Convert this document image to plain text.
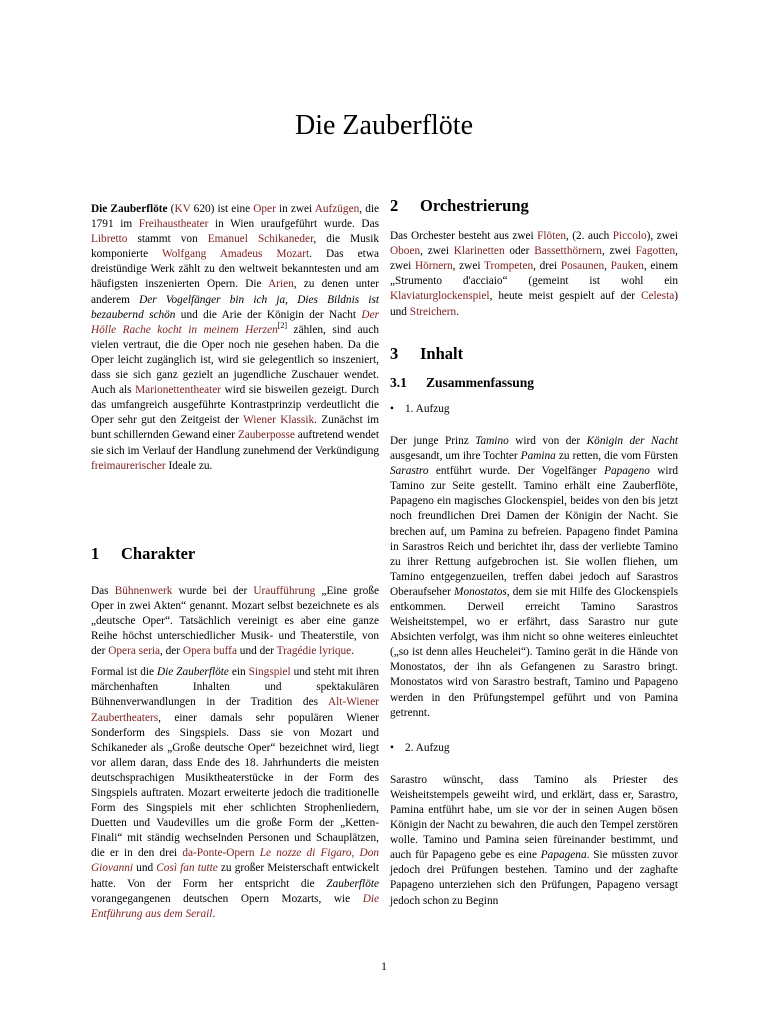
Die Zauberflöte

Die Zauberflöte (KV 620) ist eine Oper in zwei Aufzügen, die 1791 im Freihaustheater in Wien uraufgeführt wurde. Das Libretto stammt von Emanuel Schikaneder, die Musik komponierte Wolfgang Amadeus Mozart. Das etwa dreistündige Werk zählt zu den weltweit bekanntesten und am häufigsten inszenierten Opern. Die Arien, zu denen unter anderem Der Vogelfänger bin ich ja, Dies Bildnis ist bezaubernd schön und die Arie der Königin der Nacht Der Hölle Rache kocht in meinem Herzen[2] zählen, sind auch vielen vertraut, die die Oper noch nie gesehen haben. Da die Oper leicht zugänglich ist, wird sie gelegentlich so inszeniert, dass sie sich ganz gezielt an jugendliche Zuschauer wendet. Auch als Marionettentheater wird sie bisweilen gezeigt. Durch das umfangreich ausgeführte Kontrastprinzip verdeutlicht die Oper sehr gut den Zeitgeist der Wiener Klassik. Zunächst im bunt schillernden Gewand einer Zauberposse auftretend wendet sie sich im Verlauf der Handlung zunehmend der Verkündigung freimaurerischer Ideale zu.

1	Charakter

Das Bühnenwerk wurde bei der Uraufführung „Eine große Oper in zwei Akten“ genannt. Mozart selbst bezeichnete es als „deutsche Oper“. Tatsächlich vereinigt es aber eine ganze Reihe höchst unterschiedlicher Musik- und Theaterstile, von der Opera seria, der Opera buffa und der Tragédie lyrique.

Formal ist die Die Zauberflöte ein Singspiel und steht mit ihren märchenhaften Inhalten und spektakulären Bühnenverwandlungen in der Tradition des Alt-Wiener Zaubertheaters, einer damals sehr populären Wiener Sonderform des Singspiels. Dass sie von Mozart und Schikaneder als „Große deutsche Oper“ bezeichnet wird, liegt vor allem daran, dass Ende des 18. Jahrhunderts die meisten deutschsprachigen Musiktheaterstücke in der Form des Singspiels auftraten. Mozart erweiterte jedoch die traditionelle Form des Singspiels mit eher schlichten Strophenliedern, Duetten und Vaudevilles um die große Form der „Ketten-Finali“ mit ständig wechselnden Personen und Schauplätzen, die er in den drei da-Ponte-Opern Le nozze di Figaro, Don Giovanni und Così fan tutte zu großer Meisterschaft entwickelt hatte. Von der Form her entspricht die Zauberflöte vorangegangenen deutschen Opern Mozarts, wie Die Entführung aus dem Serail.

2	Orchestrierung

Das Orchester besteht aus zwei Flöten, (2. auch Piccolo), zwei Oboen, zwei Klarinetten oder Bassetthörnern, zwei Fagotten, zwei Hörnern, zwei Trompeten, drei Posaunen, Pauken, einem „Strumento d'acciaio“ (gemeint ist wohl ein Klaviaturglockenspiel, heute meist gespielt auf der Celesta) und Streichern.

3	Inhalt
3.1	Zusammenfassung
• 1. Aufzug

Der junge Prinz Tamino wird von der Königin der Nacht ausgesandt, um ihre Tochter Pamina zu retten, die vom Fürsten Sarastro entführt wurde. Der Vogelfänger Papageno wird Tamino zur Seite gestellt. Tamino erhält eine Zauberflöte, Papageno ein magisches Glockenspiel, beides von den bis jetzt noch freundlichen Drei Damen der Königin der Nacht. Sie brechen auf, um Pamina zu befreien. Papageno findet Pamina in Sarastros Reich und berichtet ihr, dass der verliebte Tamino zu ihrer Rettung aufgebrochen ist. Sie wollen fliehen, um Tamino entgegenzueilen, treffen dabei jedoch auf Sarastros Oberaufseher Monostatos, dem sie mit Hilfe des Glockenspiels entkommen. Derweil erreicht Tamino Sarastros Weisheitstempel, wo er erfährt, dass Sarastro nur gute Absichten verfolgt, was ihm nicht so ohne weiteres einleuchtet („so ist denn alles Heuchelei“). Tamino gerät in die Hände von Monostatos, der ihn als Gefangenen zu Sarastro bringt. Monostatos wird von Sarastro bestraft, Tamino und Papageno werden in den Prüfungstempel geführt und von Pamina getrennt.

• 2. Aufzug

Sarastro wünscht, dass Tamino als Priester des Weisheitstempels geweiht wird, und erklärt, dass er, Sarastro, Pamina entführt habe, um sie vor der in seinen Augen bösen Königin der Nacht zu bewahren, die auch den Tempel zerstören wolle. Tamino und Pamina seien füreinander bestimmt, und auch für Papageno gebe es eine Papagena. Sie müssten zuvor jedoch drei Prüfungen bestehen. Tamino und der zaghafte Papageno unterziehen sich den Prüfungen, Papageno versagt jedoch schon zu Beginn

1
